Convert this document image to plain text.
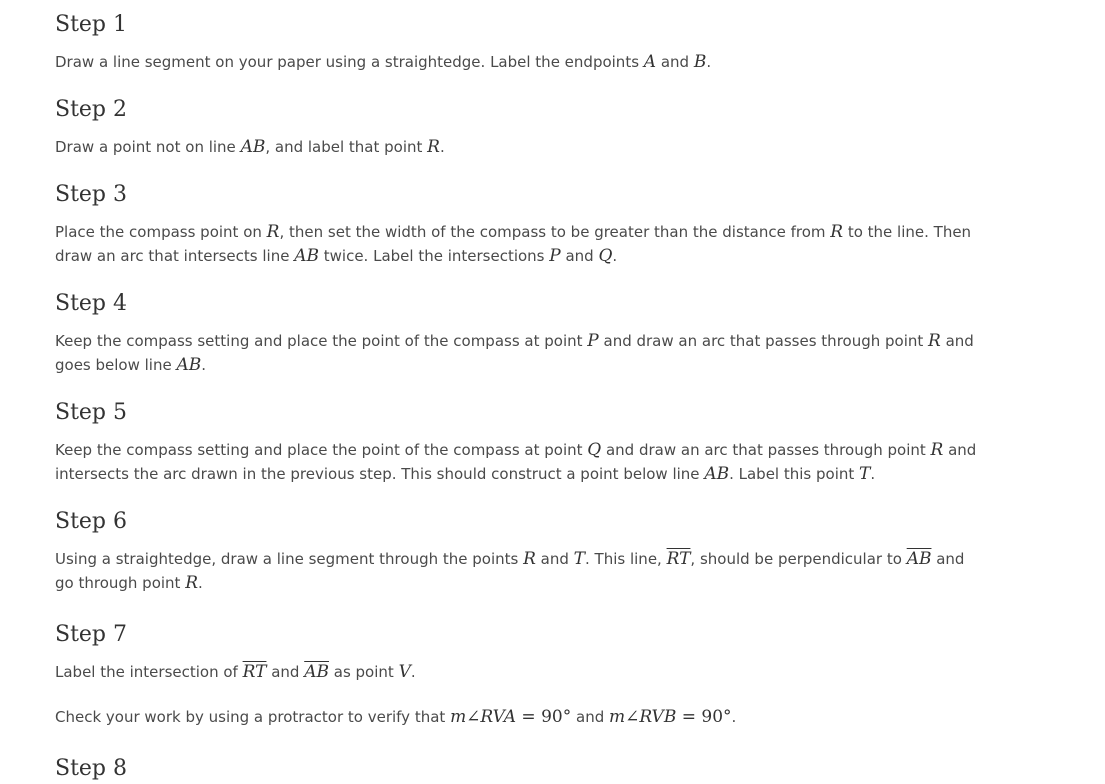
Step 1

Draw a line segment on your paper using a straightedge. Label the endpoints A and B.

Step 2

Draw a point not on line AB, and label that point R.

Step 3

Place the compass point on R, then set the width of the compass to be greater than the distance from R to the line. Then draw an arc that intersects line AB twice. Label the intersections P and Q.

Step 4

Keep the compass setting and place the point of the compass at point P and draw an arc that passes through point R and goes below line AB.

Step 5

Keep the compass setting and place the point of the compass at point Q and draw an arc that passes through point R and intersects the arc drawn in the previous step. This should construct a point below line AB. Label this point T.

Step 6

Using a straightedge, draw a line segment through the points R and T. This line, $\overline{RT}$, should be perpendicular to $\overline{AB}$ and go through point R.

Step 7

Label the intersection of $\overline{RT}$ and $\overline{AB}$ as point V.

Check your work by using a protractor to verify that m∠RVA = 90° and m∠RVB = 90°.

Step 8
